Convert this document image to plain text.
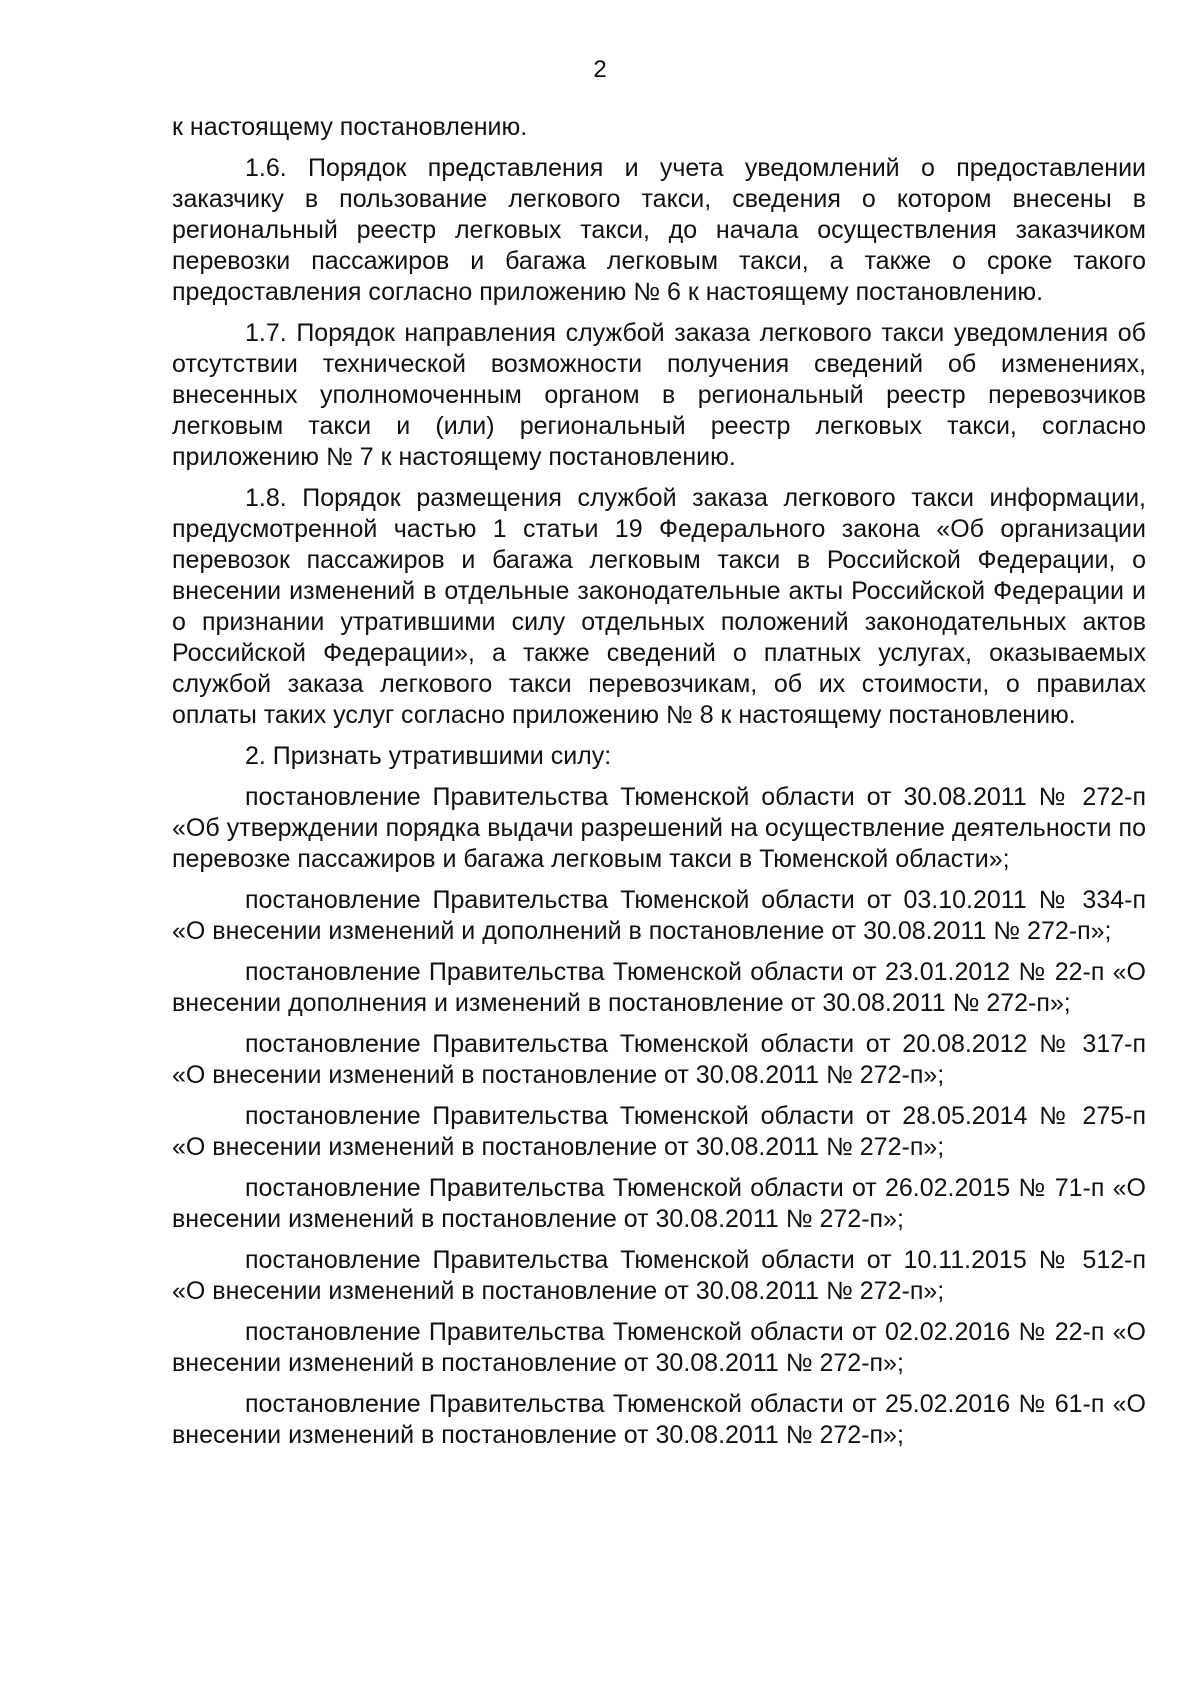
2

к настоящему постановлению.

1.6. Порядок представления и учета уведомлений о предоставлении заказчику в пользование легкового такси, сведения о котором внесены в региональный реестр легковых такси, до начала осуществления заказчиком перевозки пассажиров и багажа легковым такси, а также о сроке такого предоставления согласно приложению № 6 к настоящему постановлению.

1.7. Порядок направления службой заказа легкового такси уведомления об отсутствии технической возможности получения сведений об изменениях, внесенных уполномоченным органом в региональный реестр перевозчиков легковым такси и (или) региональный реестр легковых такси, согласно приложению № 7 к настоящему постановлению.

1.8. Порядок размещения службой заказа легкового такси информации, предусмотренной частью 1 статьи 19 Федерального закона «Об организации перевозок пассажиров и багажа легковым такси в Российской Федерации, о внесении изменений в отдельные законодательные акты Российской Федерации и о признании утратившими силу отдельных положений законодательных актов Российской Федерации», а также сведений о платных услугах, оказываемых службой заказа легкового такси перевозчикам, об их стоимости, о правилах оплаты таких услуг согласно приложению № 8 к настоящему постановлению.

2. Признать утратившими силу:

постановление Правительства Тюменской области от 30.08.2011 № 272-п «Об утверждении порядка выдачи разрешений на осуществление деятельности по перевозке пассажиров и багажа легковым такси в Тюменской области»;

постановление Правительства Тюменской области от 03.10.2011 № 334-п «О внесении изменений и дополнений в постановление от 30.08.2011 № 272-п»;

постановление Правительства Тюменской области от 23.01.2012 № 22-п «О внесении дополнения и изменений в постановление от 30.08.2011 № 272-п»;

постановление Правительства Тюменской области от 20.08.2012 № 317-п «О внесении изменений в постановление от 30.08.2011 № 272-п»;

постановление Правительства Тюменской области от 28.05.2014 № 275-п «О внесении изменений в постановление от 30.08.2011 № 272-п»;

постановление Правительства Тюменской области от 26.02.2015 № 71-п «О внесении изменений в постановление от 30.08.2011 № 272-п»;

постановление Правительства Тюменской области от 10.11.2015 № 512-п «О внесении изменений в постановление от 30.08.2011 № 272-п»;

постановление Правительства Тюменской области от 02.02.2016 № 22-п «О внесении изменений в постановление от 30.08.2011 № 272-п»;

постановление Правительства Тюменской области от 25.02.2016 № 61-п «О внесении изменений в постановление от 30.08.2011 № 272-п»;
